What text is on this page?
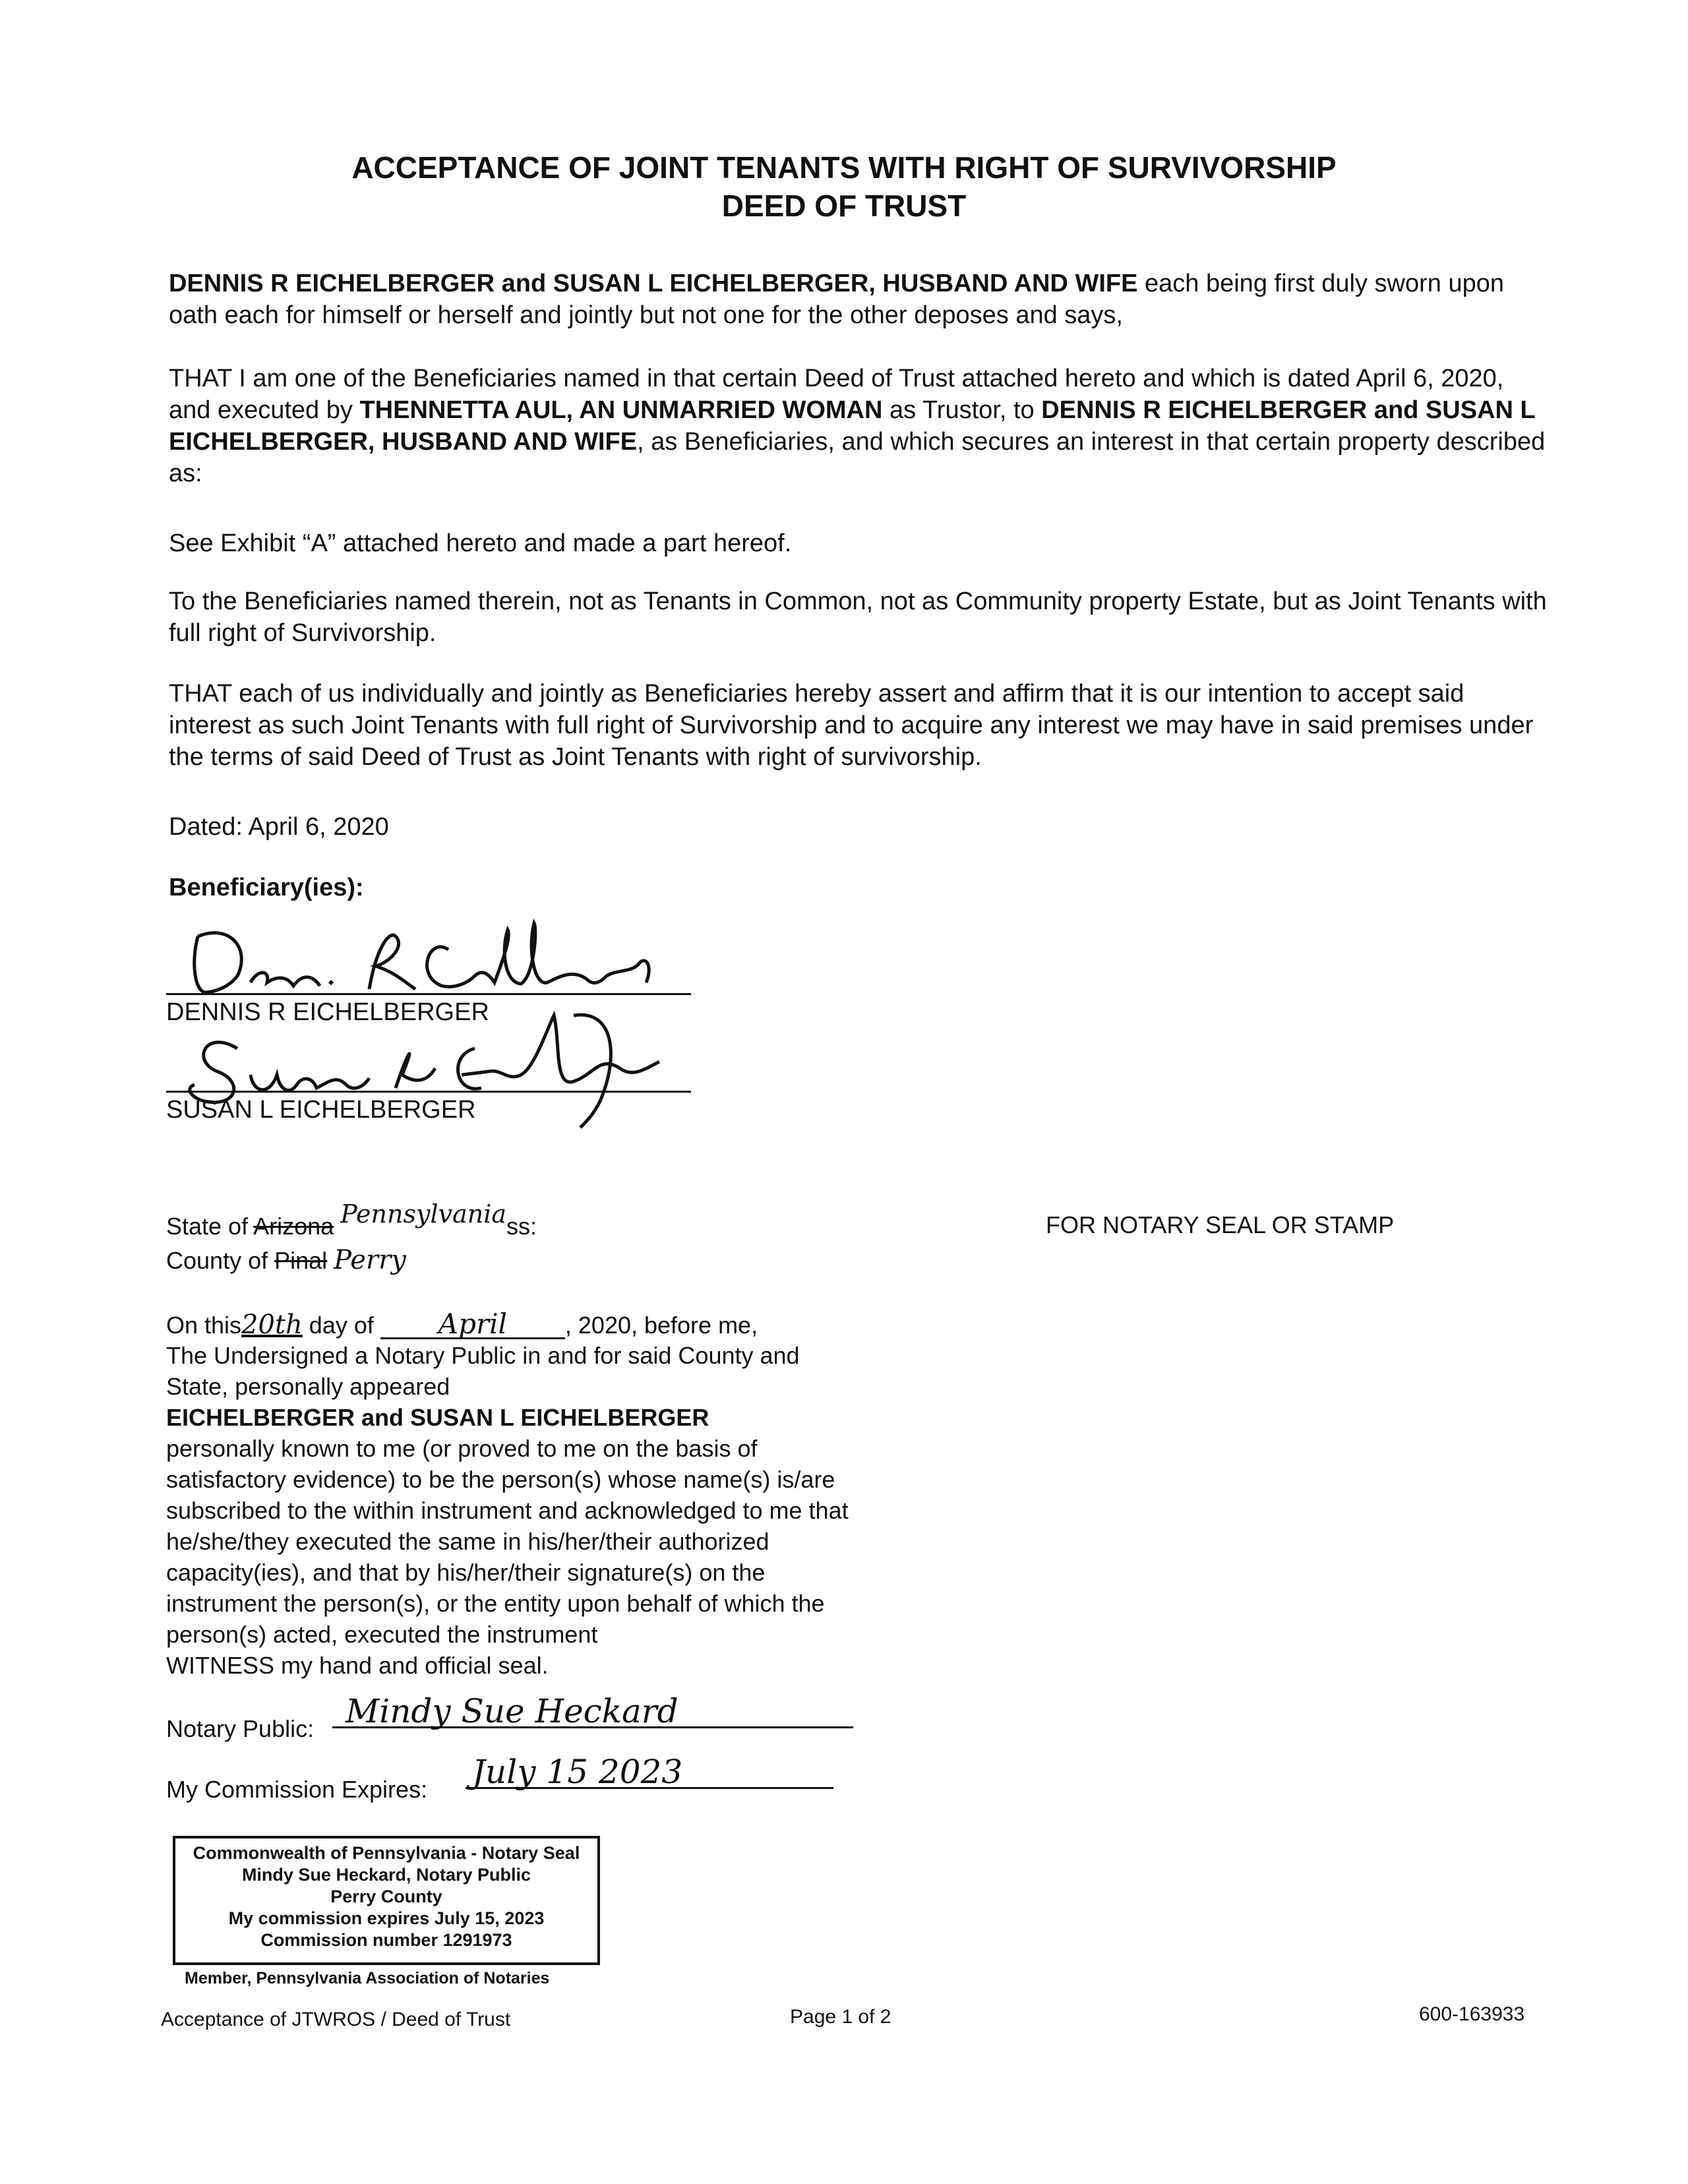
ACCEPTANCE OF JOINT TENANTS WITH RIGHT OF SURVIVORSHIP
DEED OF TRUST
DENNIS R EICHELBERGER and SUSAN L EICHELBERGER, HUSBAND AND WIFE each being first duly sworn upon oath each for himself or herself and jointly but not one for the other deposes and says,
THAT I am one of the Beneficiaries named in that certain Deed of Trust attached hereto and which is dated April 6, 2020, and executed by THENNETTA AUL, AN UNMARRIED WOMAN as Trustor, to DENNIS R EICHELBERGER and SUSAN L EICHELBERGER, HUSBAND AND WIFE, as Beneficiaries, and which secures an interest in that certain property described as:
See Exhibit “A” attached hereto and made a part hereof.
To the Beneficiaries named therein, not as Tenants in Common, not as Community property Estate, but as Joint Tenants with full right of Survivorship.
THAT each of us individually and jointly as Beneficiaries hereby assert and affirm that it is our intention to accept said interest as such Joint Tenants with full right of Survivorship and to acquire any interest we may have in said premises under the terms of said Deed of Trust as Joint Tenants with right of survivorship.
Dated: April 6, 2020
Beneficiary(ies):
DENNIS R EICHELBERGER
SUSAN L EICHELBERGER
State of Arizona Pennsylvaniass:
County of Pinal Perry
On this20th day of April , 2020, before me,
The Undersigned a Notary Public in and for said County and
State, personally appeared
EICHELBERGER and SUSAN L EICHELBERGER
personally known to me (or proved to me on the basis of
satisfactory evidence) to be the person(s) whose name(s) is/are
subscribed to the within instrument and acknowledged to me that
he/she/they executed the same in his/her/their authorized
capacity(ies), and that by his/her/their signature(s) on the
instrument the person(s), or the entity upon behalf of which the
person(s) acted, executed the instrument
WITNESS my hand and official seal.
Notary Public: Mindy Sue Heckard
My Commission Expires: July 15 2023
FOR NOTARY SEAL OR STAMP
Commonwealth of Pennsylvania - Notary Seal
Mindy Sue Heckard, Notary Public
Perry County
My commission expires July 15, 2023
Commission number 1291973
Member, Pennsylvania Association of Notaries
Acceptance of JTWROS / Deed of Trust	Page 1 of 2	600-163933
